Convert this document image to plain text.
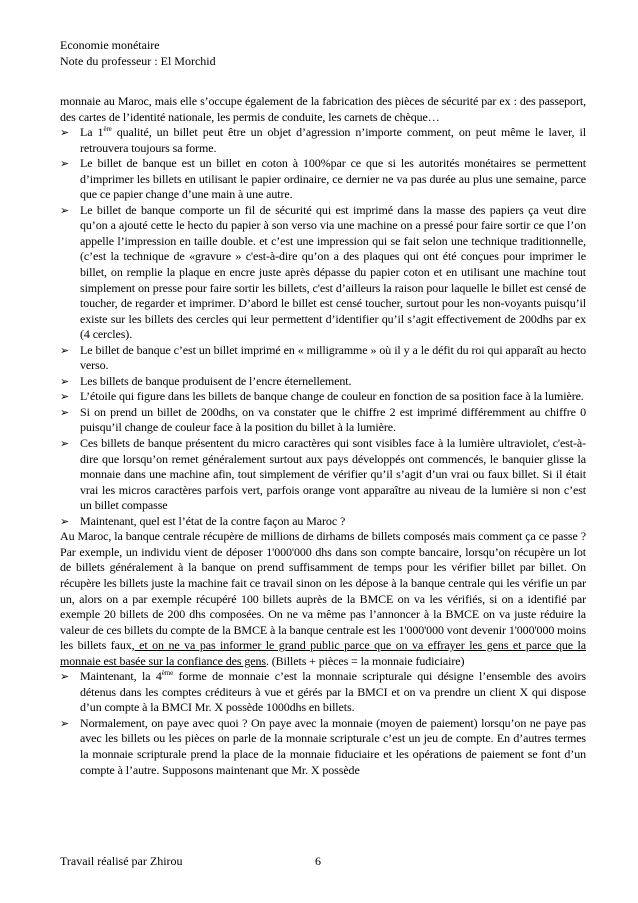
Economie monétaire
Note du professeur : El Morchid

monnaie au Maroc, mais elle s’occupe également de la fabrication des pièces de sécurité par ex : des passeport, des cartes de l’identité nationale, les permis de conduite, les carnets de chèque…

➢ La 1ère qualité, un billet peut être un objet d’agression n’importe comment, on peut même le laver, il retrouvera toujours sa forme.

➢ Le billet de banque est un billet en coton à 100%par ce que si les autorités monétaires se permettent d’imprimer les billets en utilisant le papier ordinaire, ce dernier ne va pas durée au plus une semaine, parce que ce papier change d’une main à une autre.

➢ Le billet de banque comporte un fil de sécurité qui est imprimé dans la masse des papiers ça veut dire qu’on a ajouté cette le hecto du papier à son verso via une machine on a pressé pour faire sortir ce que l’on appelle l’impression en taille double. et c’est une impression qui se fait selon une technique traditionnelle, (c’est la technique de «gravure » c'est-à-dire qu’on a des plaques qui ont été conçues pour imprimer le billet, on remplie la plaque en encre juste après dépasse du papier coton et en utilisant une machine tout simplement on presse pour faire sortir les billets, c'est d’ailleurs la raison pour laquelle le billet est censé de toucher, de regarder et imprimer. D’abord le billet est censé toucher, surtout pour les non-voyants puisqu’il existe sur les billets des cercles qui leur permettent d’identifier qu’il s’agit effectivement de 200dhs par ex (4 cercles).

➢ Le billet de banque c’est un billet imprimé en « milligramme » où il y a le défit du roi qui apparaît au hecto verso.

➢ Les billets de banque produisent de l’encre éternellement.

➢ L’étoile qui figure dans les billets de banque change de couleur en fonction de sa position face à la lumière.

➢ Si on prend un billet de 200dhs, on va constater que le chiffre 2 est imprimé différemment au chiffre 0 puisqu’il change de couleur face à la position du billet à la lumière.

➢ Ces billets de banque présentent du micro caractères qui sont visibles face à la lumière ultraviolet, c'est-à-dire que lorsqu’on remet généralement surtout aux pays développés ont commencés, le banquier glisse la monnaie dans une machine afin, tout simplement de vérifier qu’il s’agit d’un vrai ou faux billet. Si il était vrai les micros caractères parfois vert, parfois orange vont apparaître au niveau de la lumière si non c’est un billet compasse

➢ Maintenant, quel est l’état de la contre façon au Maroc ?

Au Maroc, la banque centrale récupère de millions de dirhams de billets composés mais comment ça ce passe ? Par exemple, un individu vient de déposer 1'000'000 dhs dans son compte bancaire, lorsqu’on récupère un lot de billets généralement à la banque on prend suffisamment de temps pour les vérifier billet par billet. On récupère les billets juste la machine fait ce travail sinon on les dépose à la banque centrale qui les vérifie un par un, alors on a par exemple récupéré 100 billets auprès de la BMCE on va les vérifiés, si on a identifié par exemple 20 billets de 200 dhs composées. On ne va même pas l’annoncer à la BMCE on va juste réduire la valeur de ces billets du compte de la BMCE à la banque centrale est les 1'000'000 vont devenir 1'000'000 moins les billets faux, et on ne va pas informer le grand public parce que on va effrayer les gens et parce que la monnaie est basée sur la confiance des gens. (Billets + pièces = la monnaie fudiciaire)

➢ Maintenant, la 4ème forme de monnaie c’est la monnaie scripturale qui désigne l’ensemble des avoirs détenus dans les comptes créditeurs à vue et gérés par la BMCI et on va prendre un client X qui dispose d’un compte à la BMCI Mr. X possède 1000dhs en billets.

➢ Normalement, on paye avec quoi ? On paye avec la monnaie (moyen de paiement) lorsqu’on ne paye pas avec les billets ou les pièces on parle de la monnaie scripturale c’est un jeu de compte. En d’autres termes la monnaie scripturale prend la place de la monnaie fiduciaire et les opérations de paiement se font d’un compte à l’autre. Supposons maintenant que Mr. X possède

Travail réalisé par Zhirou	6
